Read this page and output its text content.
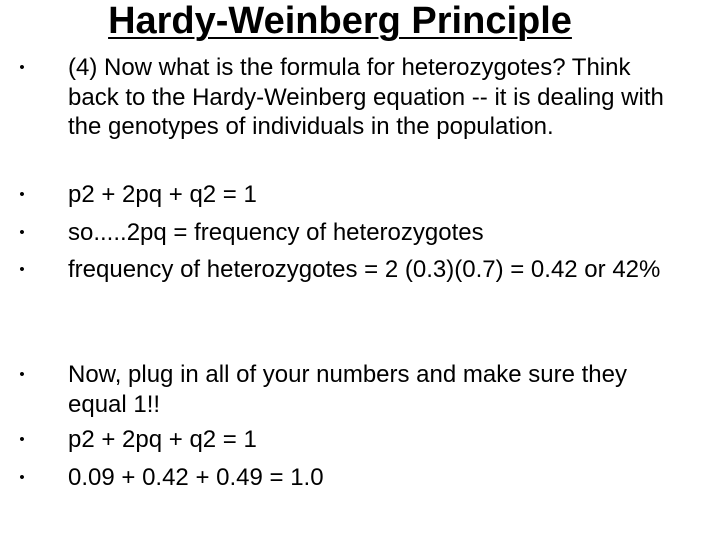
Hardy-Weinberg Principle
• (4) Now what is the formula for heterozygotes? Think back to the Hardy-Weinberg equation -- it is dealing with the genotypes of individuals in the population.
• p2 + 2pq + q2 = 1
• so.....2pq = frequency of heterozygotes
• frequency of heterozygotes = 2 (0.3)(0.7) = 0.42 or 42%
• Now, plug in all of your numbers and make sure they equal 1!!
• p2 + 2pq + q2 = 1
• 0.09 + 0.42 + 0.49 = 1.0
